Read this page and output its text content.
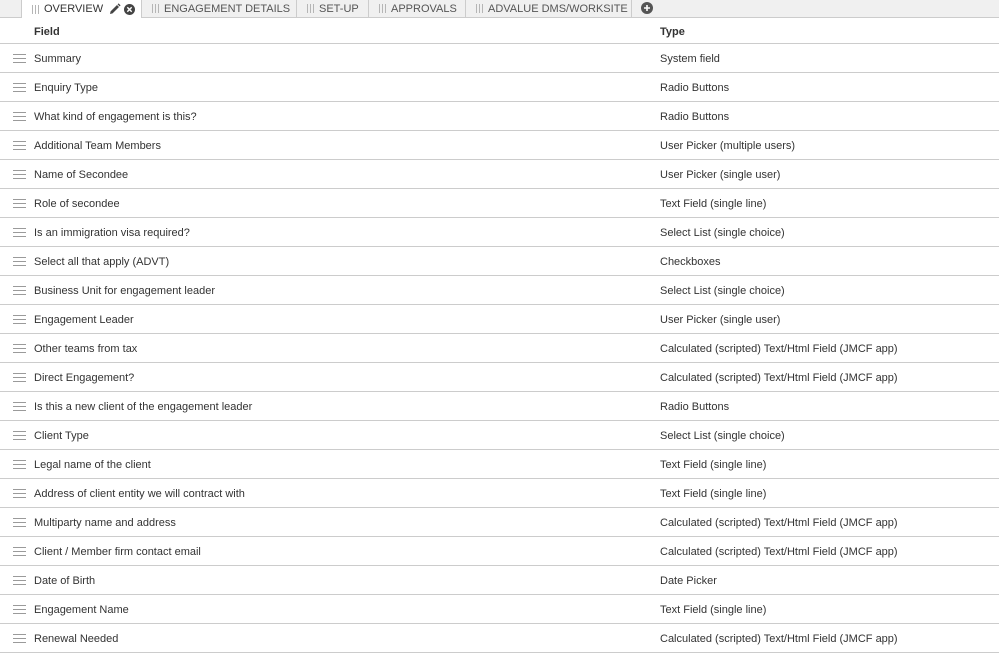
OVERVIEW	ENGAGEMENT DETAILS	SET-UP	APPROVALS	ADVALUE DMS/WORKSITE
Field	Type
Summary	System field
Enquiry Type	Radio Buttons
What kind of engagement is this?	Radio Buttons
Additional Team Members	User Picker (multiple users)
Name of Secondee	User Picker (single user)
Role of secondee	Text Field (single line)
Is an immigration visa required?	Select List (single choice)
Select all that apply (ADVT)	Checkboxes
Business Unit for engagement leader	Select List (single choice)
Engagement Leader	User Picker (single user)
Other teams from tax	Calculated (scripted) Text/Html Field (JMCF app)
Direct Engagement?	Calculated (scripted) Text/Html Field (JMCF app)
Is this a new client of the engagement leader	Radio Buttons
Client Type	Select List (single choice)
Legal name of the client	Text Field (single line)
Address of client entity we will contract with	Text Field (single line)
Multiparty name and address	Calculated (scripted) Text/Html Field (JMCF app)
Client / Member firm contact email	Calculated (scripted) Text/Html Field (JMCF app)
Date of Birth	Date Picker
Engagement Name	Text Field (single line)
Renewal Needed	Calculated (scripted) Text/Html Field (JMCF app)
